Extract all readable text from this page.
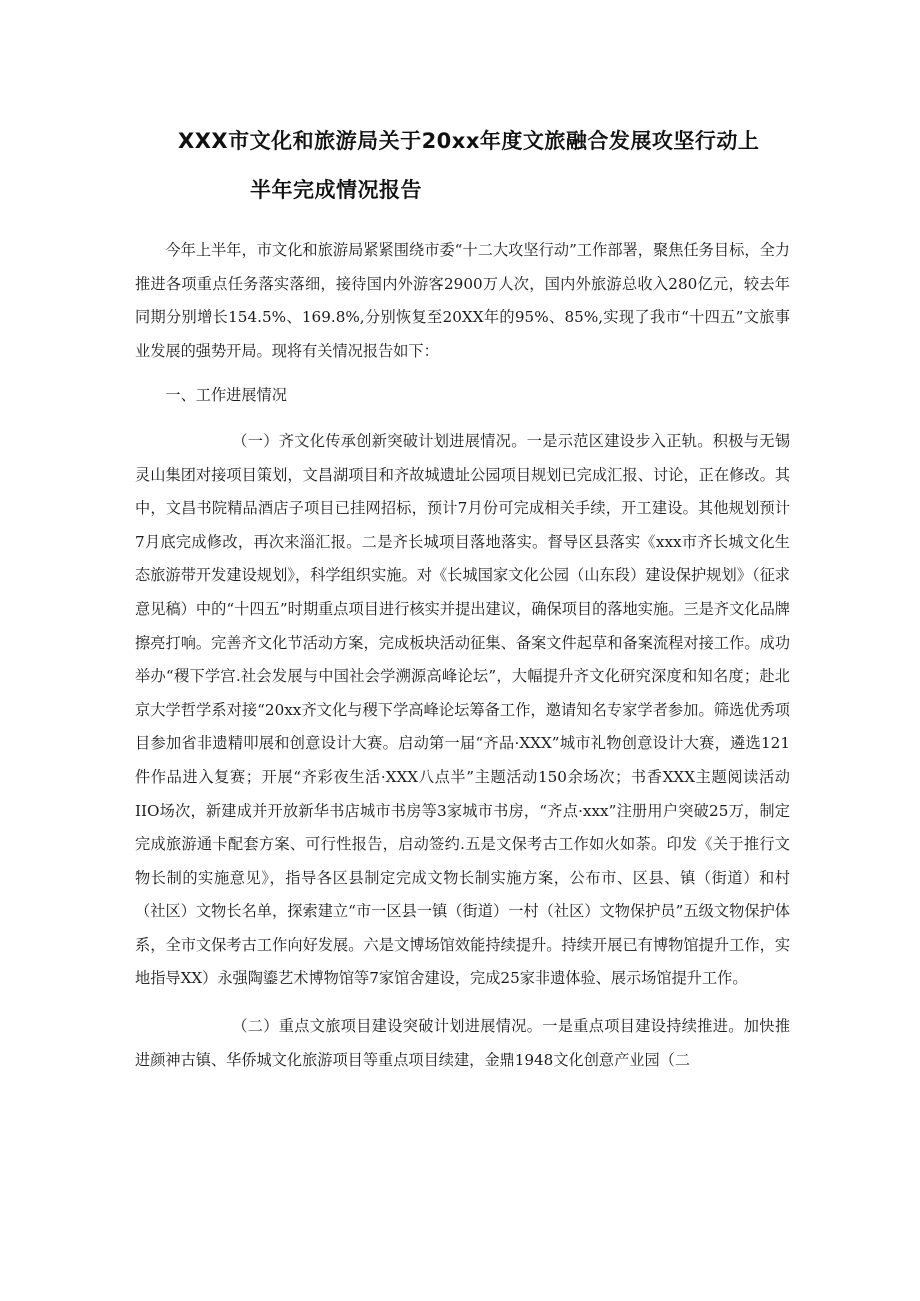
XXX市文化和旅游局关于20xx年度文旅融合发展攻坚行动上
半年完成情况报告

今年上半年，市文化和旅游局紧紧围绕市委“十二大攻坚行动”工作部署，聚焦任务目标，全力推进各项重点任务落实落细，接待国内外游客2900万人次，国内外旅游总收入280亿元，较去年同期分别增长154.5%、169.8%,分别恢复至20XX年的95%、85%,实现了我市“十四五”文旅事业发展的强势开局。现将有关情况报告如下：

一、工作进展情况

（一）齐文化传承创新突破计划进展情况。一是示范区建设步入正轨。积极与无锡灵山集团对接项目策划，文昌湖项目和齐故城遗址公园项目规划已完成汇报、讨论，正在修改。其中，文昌书院精品酒店子项目已挂网招标，预计7月份可完成相关手续，开工建设。其他规划预计7月底完成修改，再次来淄汇报。二是齐长城项目落地落实。督导区县落实《xxx市齐长城文化生态旅游带开发建设规划》，科学组织实施。对《长城国家文化公园（山东段）建设保护规划》（征求意见稿）中的“十四五”时期重点项目进行核实并提出建议，确保项目的落地实施。三是齐文化品牌擦亮打响。完善齐文化节活动方案，完成板块活动征集、备案文件起草和备案流程对接工作。成功举办“稷下学宫.社会发展与中国社会学溯源高峰论坛”，大幅提升齐文化研究深度和知名度；赴北京大学哲学系对接“20xx齐文化与稷下学高峰论坛筹备工作，邀请知名专家学者参加。筛选优秀项目参加省非遗精叩展和创意设计大赛。启动第一届“齐品·XXX”城市礼物创意设计大赛，遴选121件作品进入复赛；开展“齐彩夜生活·XXX八点半”主题活动150余场次；书香XXX主题阅读活动IIO场次，新建成并开放新华书店城市书房等3家城市书房，“齐点·xxx”注册用户突破25万，制定完成旅游通卡配套方案、可行性报告，启动签约.五是文保考古工作如火如荼。印发《关于推行文物长制的实施意见》，指导各区县制定完成文物长制实施方案，公布市、区县、镇（街道）和村（社区）文物长名单，探索建立“市一区县一镇（街道）一村（社区）文物保护员”五级文物保护体系，全市文保考古工作向好发展。六是文博场馆效能持续提升。持续开展已有博物馆提升工作，实地指导XX）永强陶鎏艺术博物馆等7家馆舍建设，完成25家非遗体验、展示场馆提升工作。

（二）重点文旅项目建设突破计划进展情况。一是重点项目建设持续推进。加快推进颜神古镇、华侨城文化旅游项目等重点项目续建，金鼎1948文化创意产业园（二
